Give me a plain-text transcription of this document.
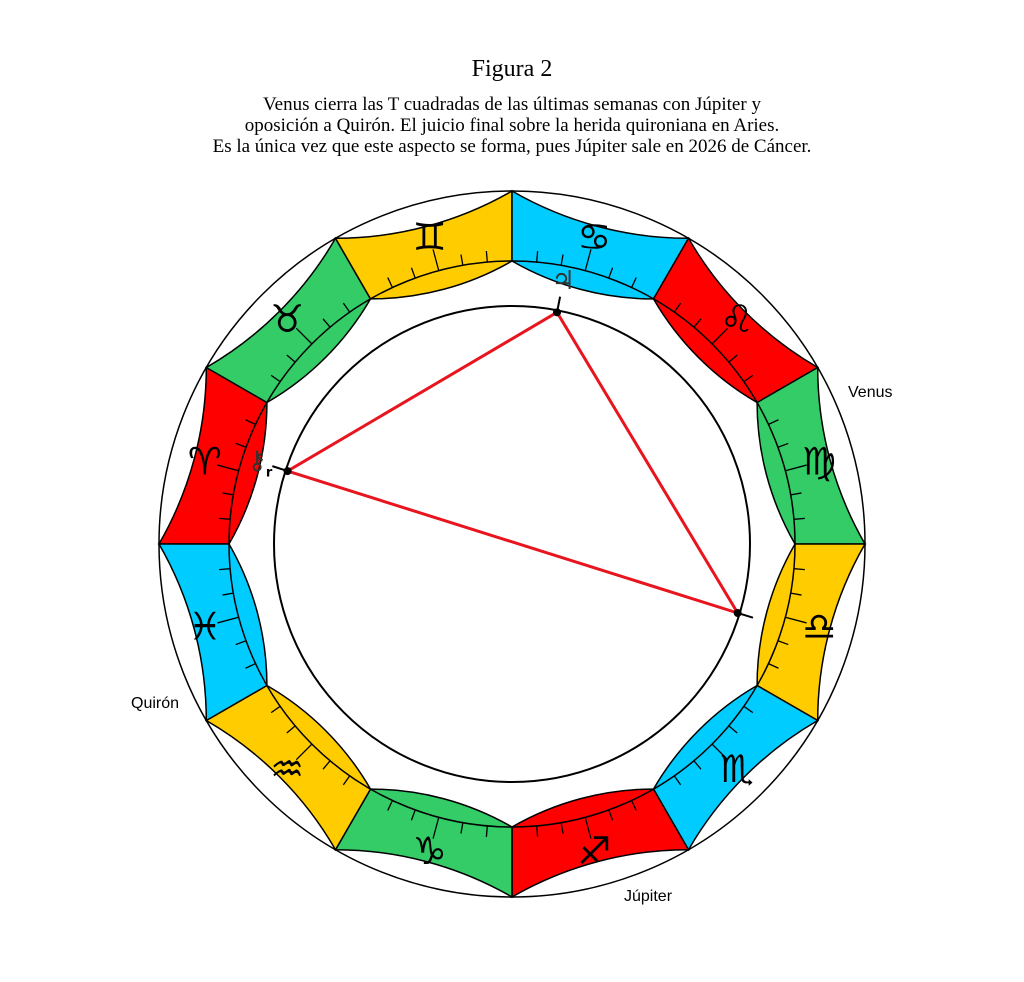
Figura 2
Venus cierra las T cuadradas de las últimas semanas con Júpiter y
oposición a Quirón. El juicio final sobre la herida quironiana en Aries.
Es la única vez que este aspecto se forma, pues Júpiter sale en 2026 de Cáncer.
♈
♉
♊	♋
♌
♍
♎
♏
♐
♑
♒
♓
♃
⚷ r
Venus
Quirón
Júpiter
